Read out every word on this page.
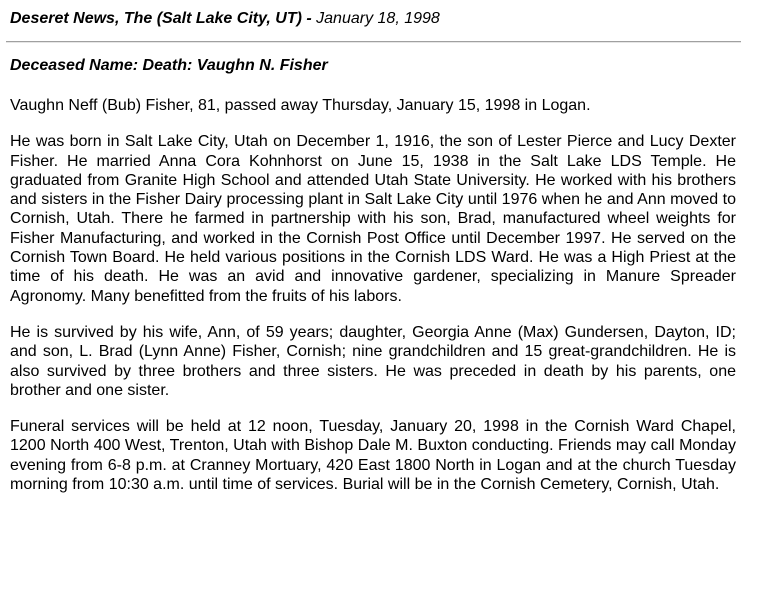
Deseret News, The (Salt Lake City, UT) - January 18, 1998
Deceased Name: Death: Vaughn N. Fisher

Vaughn Neff (Bub) Fisher, 81, passed away Thursday, January 15, 1998 in Logan.

He was born in Salt Lake City, Utah on December 1, 1916, the son of Lester Pierce and Lucy Dexter Fisher. He married Anna Cora Kohnhorst on June 15, 1938 in the Salt Lake LDS Temple. He graduated from Granite High School and attended Utah State University. He worked with his brothers and sisters in the Fisher Dairy processing plant in Salt Lake City until 1976 when he and Ann moved to Cornish, Utah. There he farmed in partnership with his son, Brad, manufactured wheel weights for Fisher Manufacturing, and worked in the Cornish Post Office until December 1997. He served on the Cornish Town Board. He held various positions in the Cornish LDS Ward. He was a High Priest at the time of his death. He was an avid and innovative gardener, specializing in Manure Spreader Agronomy. Many benefitted from the fruits of his labors.

He is survived by his wife, Ann, of 59 years; daughter, Georgia Anne (Max) Gundersen, Dayton, ID; and son, L. Brad (Lynn Anne) Fisher, Cornish; nine grandchildren and 15 great-grandchildren. He is also survived by three brothers and three sisters. He was preceded in death by his parents, one brother and one sister.

Funeral services will be held at 12 noon, Tuesday, January 20, 1998 in the Cornish Ward Chapel, 1200 North 400 West, Trenton, Utah with Bishop Dale M. Buxton conducting. Friends may call Monday evening from 6-8 p.m. at Cranney Mortuary, 420 East 1800 North in Logan and at the church Tuesday morning from 10:30 a.m. until time of services. Burial will be in the Cornish Cemetery, Cornish, Utah.
